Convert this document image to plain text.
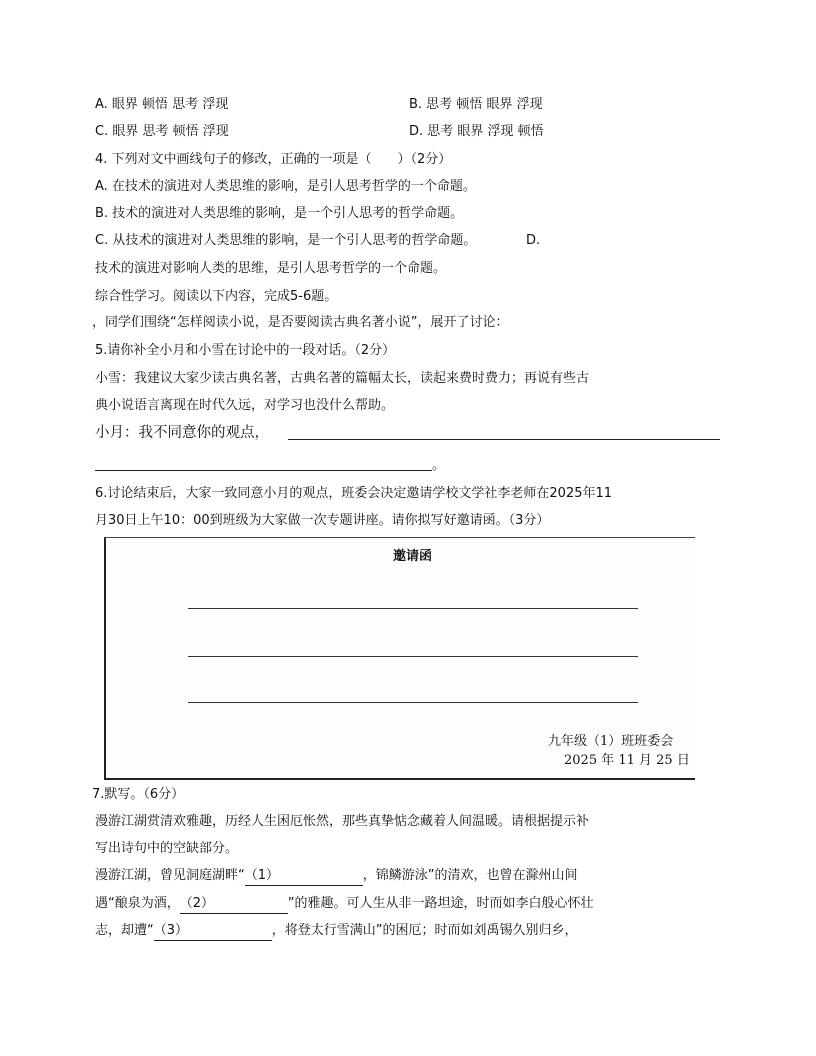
A. 眼界 顿悟 思考 浮现	B. 思考 顿悟 眼界 浮现
C. 眼界 思考 顿悟 浮现	D. 思考 眼界 浮现 顿悟
4. 下列对文中画线句子的修改，正确的一项是（　　）（2分）
A. 在技术的演进对人类思维的影响，是引人思考哲学的一个命题。
B. 技术的演进对人类思维的影响，是一个引人思考的哲学命题。
C. 从技术的演进对人类思维的影响，是一个引人思考的哲学命题。	D.
技术的演进对影响人类的思维，是引人思考哲学的一个命题。
综合性学习。阅读以下内容，完成5-6题。
，同学们围绕“怎样阅读小说，是否要阅读古典名著小说”，展开了讨论：
5.请你补全小月和小雪在讨论中的一段对话。（2分）
小雪：我建议大家少读古典名著，古典名著的篇幅太长，读起来费时费力；再说有些古
典小说语言离现在时代久远，对学习也没什么帮助。
小月：我不同意你的观点，
。
6.讨论结束后，大家一致同意小月的观点，班委会决定邀请学校文学社李老师在2025年11
月30日上午10：00到班级为大家做一次专题讲座。请你拟写好邀请函。（3分）
邀请函
九年级（1）班班委会
2025 年 11 月 25 日
7.默写。（6分）
漫游江湖赏清欢雅趣，历经人生困厄怅然，那些真挚惦念藏着人间温暖。请根据提示补
写出诗句中的空缺部分。
漫游江湖，曾见洞庭湖畔“（1）	，锦鳞游泳”的清欢，也曾在滁州山间
遇“酿泉为酒，（2）	”的雅趣。可人生从非一路坦途，时而如李白般心怀壮
志，却遭“（3）	，将登太行雪满山”的困厄；时而如刘禹锡久别归乡，
